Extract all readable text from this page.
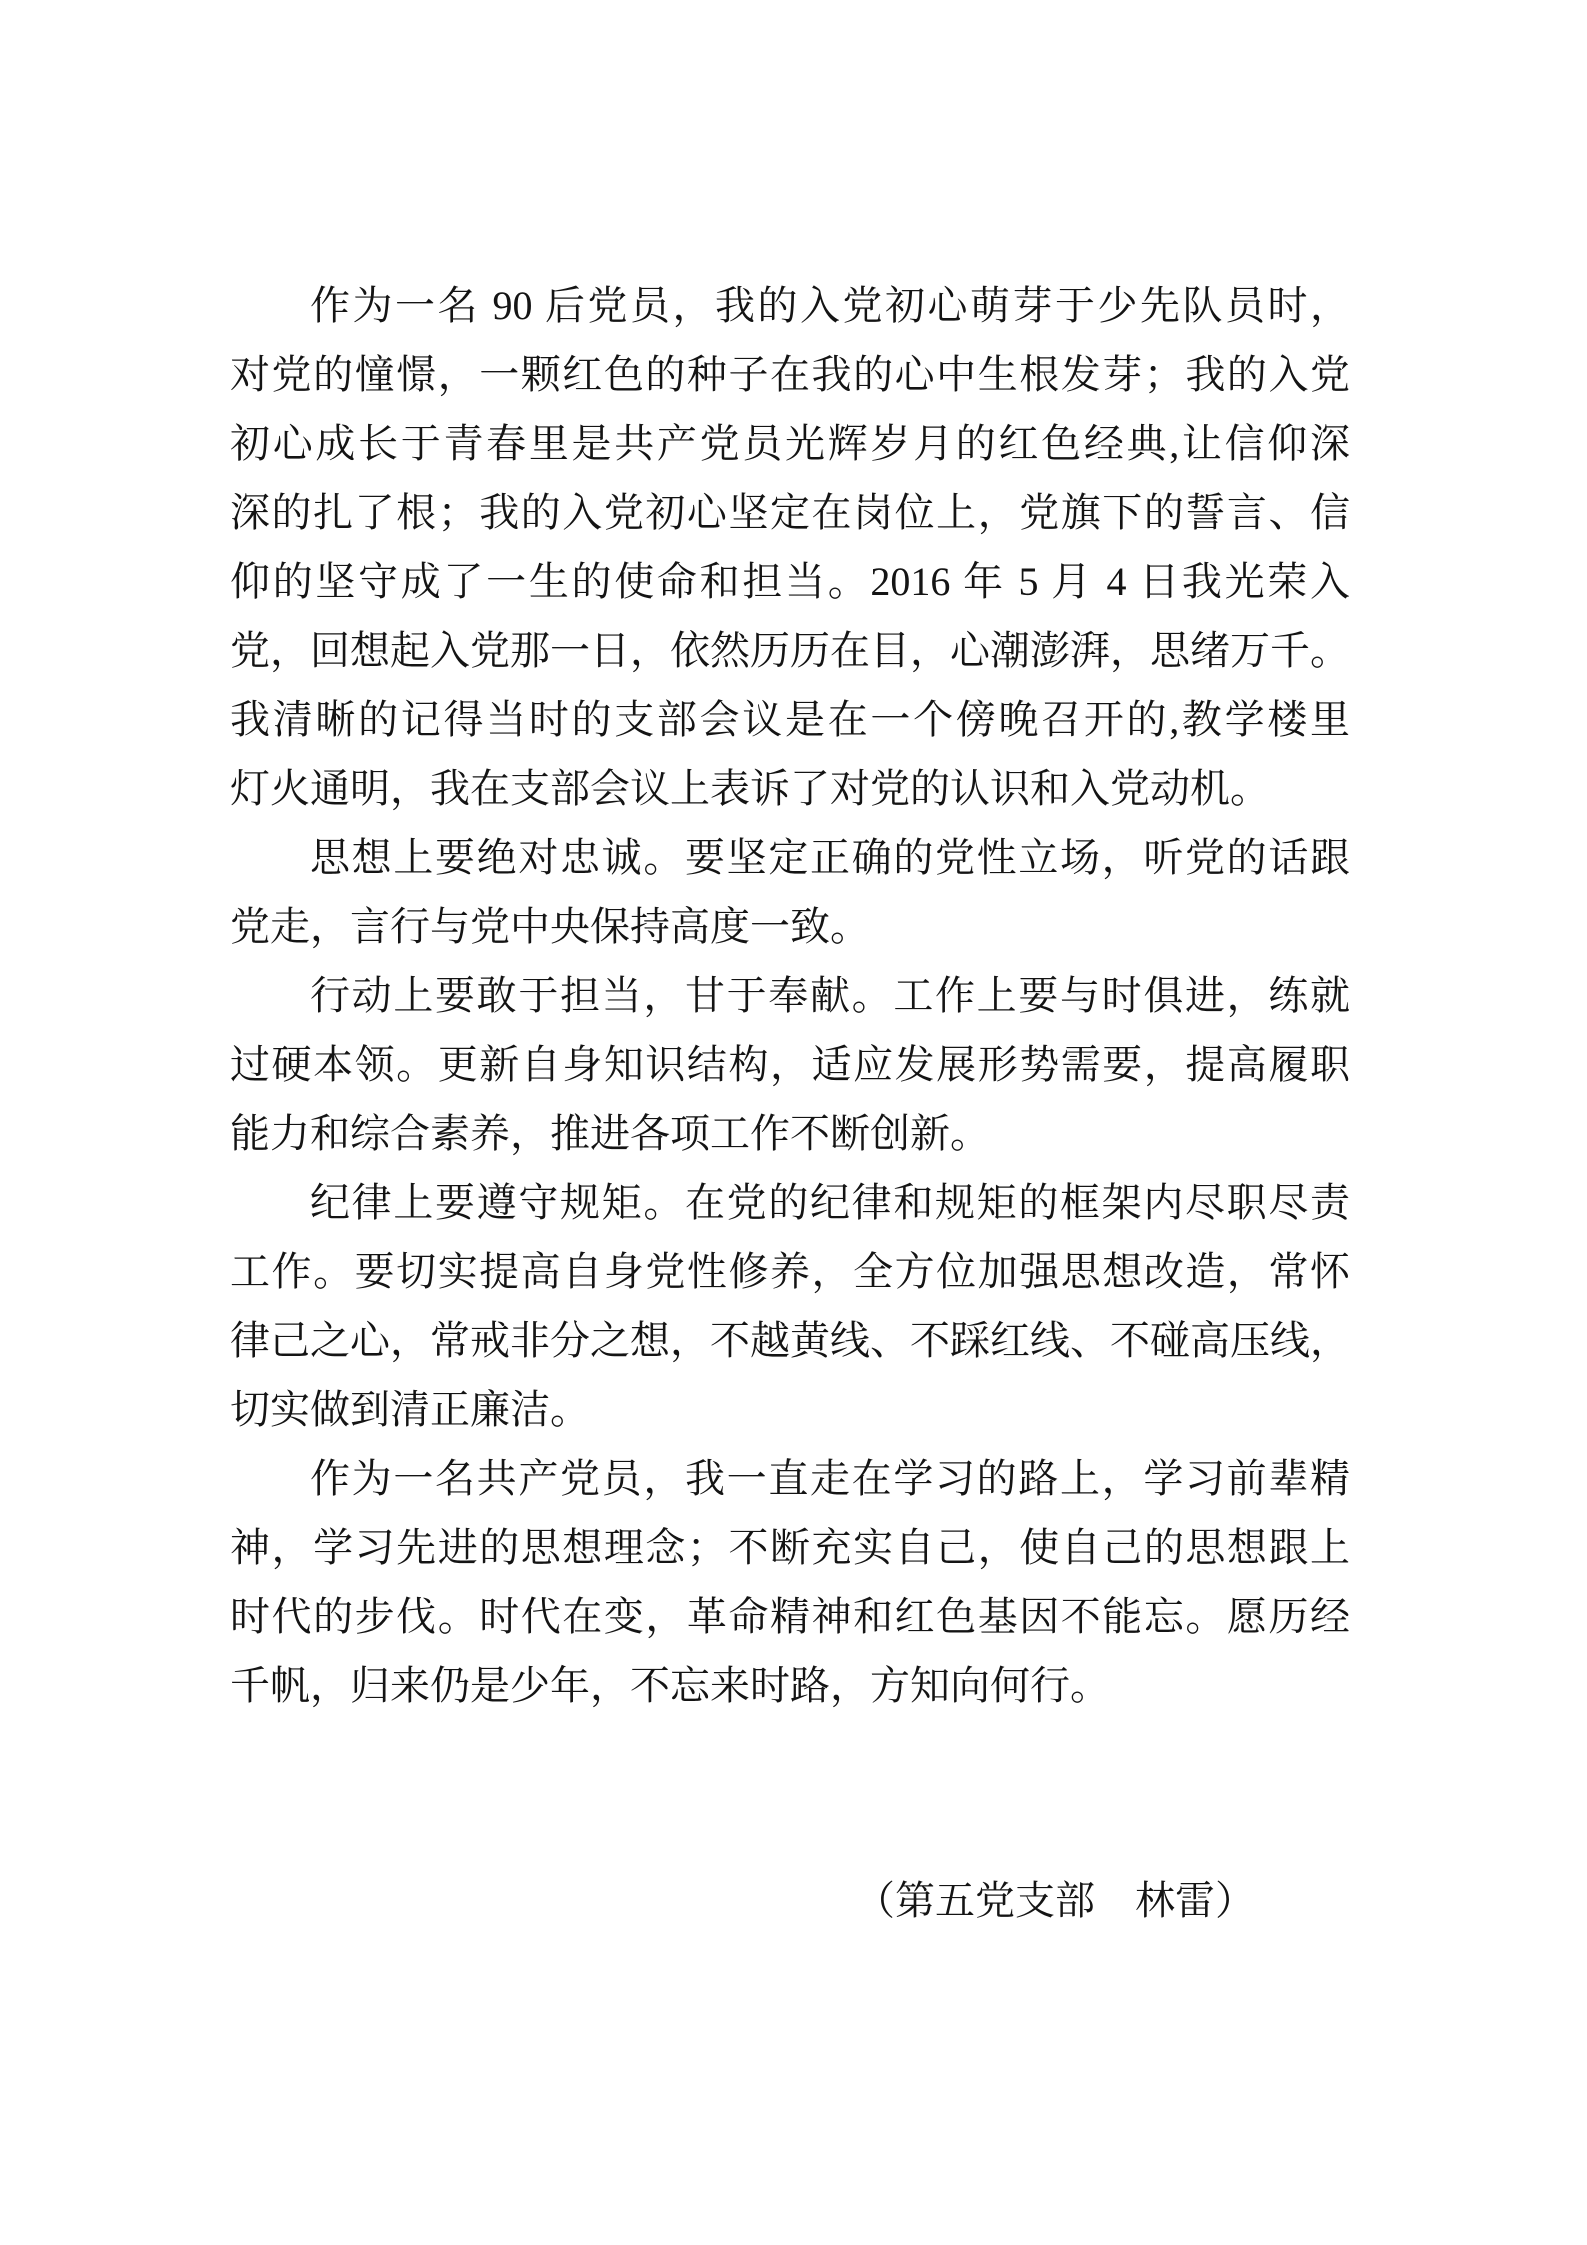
作为一名 90 后党员，我的入党初心萌芽于少先队员时，
对党的憧憬，一颗红色的种子在我的心中生根发芽；我的入党
初心成长于青春里是共产党员光辉岁月的红色经典,让信仰深
深的扎了根；我的入党初心坚定在岗位上，党旗下的誓言、信
仰的坚守成了一生的使命和担当。2016 年 5 月 4 日我光荣入
党，回想起入党那一日，依然历历在目，心潮澎湃，思绪万千。
我清晰的记得当时的支部会议是在一个傍晚召开的,教学楼里
灯火通明，我在支部会议上表诉了对党的认识和入党动机。
思想上要绝对忠诚。要坚定正确的党性立场，听党的话跟
党走，言行与党中央保持高度一致。
行动上要敢于担当，甘于奉献。工作上要与时俱进，练就
过硬本领。更新自身知识结构，适应发展形势需要，提高履职
能力和综合素养，推进各项工作不断创新。
纪律上要遵守规矩。在党的纪律和规矩的框架内尽职尽责
工作。要切实提高自身党性修养，全方位加强思想改造，常怀
律己之心，常戒非分之想，不越黄线、不踩红线、不碰高压线，
切实做到清正廉洁。
作为一名共产党员，我一直走在学习的路上，学习前辈精
神，学习先进的思想理念；不断充实自己，使自己的思想跟上
时代的步伐。时代在变，革命精神和红色基因不能忘。愿历经
千帆，归来仍是少年，不忘来时路，方知向何行。
（第五党支部　林雷）
